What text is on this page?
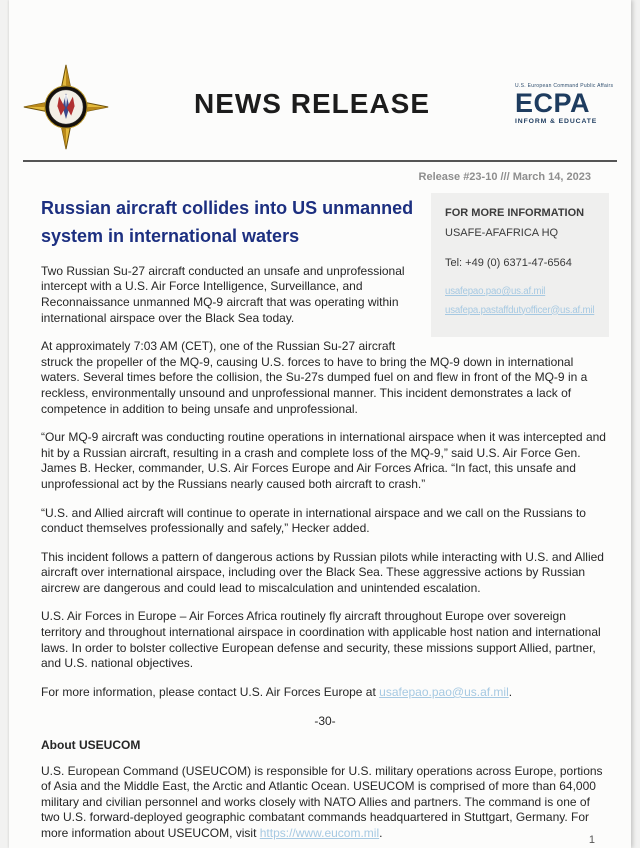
NEWS RELEASE
U.S. European Command Public Affairs
ECPA
INFORM & EDUCATE
Release #23-10 /// March 14, 2023
FOR MORE INFORMATION
USAFE-AFAFRICA HQ
Tel: +49 (0) 6371-47-6564
usafepao.pao@us.af.mil
usafepa.pastaffdutyofficer@us.af.mil
Russian aircraft collides into US unmanned system in international waters

Two Russian Su-27 aircraft conducted an unsafe and unprofessional intercept with a U.S. Air Force Intelligence, Surveillance, and Reconnaissance unmanned MQ-9 aircraft that was operating within international airspace over the Black Sea today.

At approximately 7:03 AM (CET), one of the Russian Su-27 aircraft struck the propeller of the MQ-9, causing U.S. forces to have to bring the MQ-9 down in international waters. Several times before the collision, the Su-27s dumped fuel on and flew in front of the MQ-9 in a reckless, environmentally unsound and unprofessional manner. This incident demonstrates a lack of competence in addition to being unsafe and unprofessional.

“Our MQ-9 aircraft was conducting routine operations in international airspace when it was intercepted and hit by a Russian aircraft, resulting in a crash and complete loss of the MQ-9,” said U.S. Air Force Gen. James B. Hecker, commander, U.S. Air Forces Europe and Air Forces Africa. “In fact, this unsafe and unprofessional act by the Russians nearly caused both aircraft to crash.”

“U.S. and Allied aircraft will continue to operate in international airspace and we call on the Russians to conduct themselves professionally and safely,” Hecker added.

This incident follows a pattern of dangerous actions by Russian pilots while interacting with U.S. and Allied aircraft over international airspace, including over the Black Sea. These aggressive actions by Russian aircrew are dangerous and could lead to miscalculation and unintended escalation.

U.S. Air Forces in Europe – Air Forces Africa routinely fly aircraft throughout Europe over sovereign territory and throughout international airspace in coordination with applicable host nation and international laws. In order to bolster collective European defense and security, these missions support Allied, partner, and U.S. national objectives.

For more information, please contact U.S. Air Forces Europe at usafepao.pao@us.af.mil.

-30-

About USEUCOM

U.S. European Command (USEUCOM) is responsible for U.S. military operations across Europe, portions of Asia and the Middle East, the Arctic and Atlantic Ocean. USEUCOM is comprised of more than 64,000 military and civilian personnel and works closely with NATO Allies and partners. The command is one of two U.S. forward-deployed geographic combatant commands headquartered in Stuttgart, Germany. For more information about USEUCOM, visit https://www.eucom.mil.	1
